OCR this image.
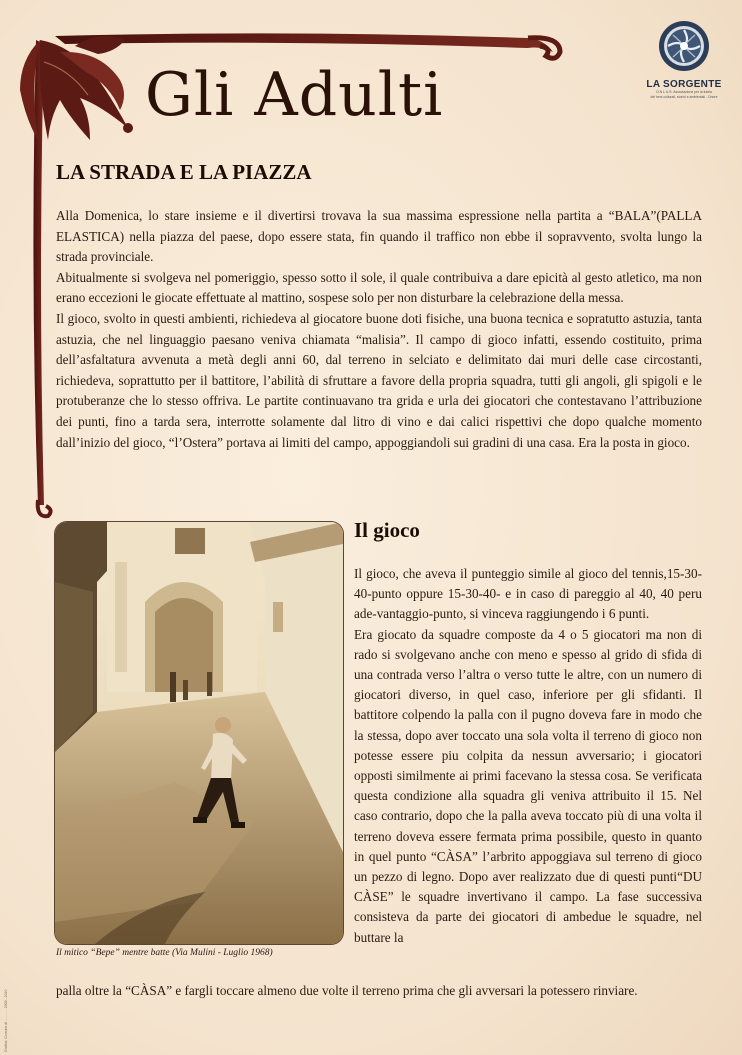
Gli Adulti	LA SORGENTE
O.N.L.U.S. Associazione per la tutela
del beni culturali, storici e ambientali - Onore
LA STRADA E LA PIAZZA

Alla Domenica, lo stare insieme e il divertirsi trovava la sua massima espressione nella partita a “BALA”(PALLA ELASTICA) nella piazza del paese, dopo essere stata, fin quando il traffico non ebbe il sopravvento, svolta lungo la strada provinciale.

Abitualmente si svolgeva nel pomeriggio, spesso sotto il sole, il quale contribuiva a dare epicità al gesto atletico, ma non erano eccezioni le giocate effettuate al mattino, sospese solo per non disturbare la celebrazione della messa.

Il gioco, svolto in questi ambienti, richiedeva al giocatore buone doti fisiche, una buona tecnica e sopratutto astuzia, tanta astuzia, che nel linguaggio paesano veniva chiamata “malisia”. Il campo di gioco infatti, essendo costituito, prima dell’asfaltatura avvenuta a metà degli anni 60, dal terreno in selciato e delimitato dai muri delle case circostanti, richiedeva, soprattutto per il battitore, l’abilità di sfruttare a favore della propria squadra, tutti gli angoli, gli spigoli e le protuberanze che lo stesso offriva. Le partite continuavano tra grida e urla dei giocatori che contestavano l’attribuzione dei punti, fino a tarda sera, interrotte solamente dal litro di vino e dai calici rispettivi che dopo qualche momento dall’inizio del gioco, “l’Ostera” portava ai limiti del campo, appoggiandoli sui gradini di una casa. Era la posta in gioco.

Il mitico “Bepe” mentre batte (Via Mulini - Luglio 1968)
Il gioco

Il gioco, che aveva il punteggio simile al gioco del tennis,15-30-40-punto oppure 15-30-40- e in caso di pareggio al 40, 40 peru ade-vantaggio-punto, si vinceva raggiungendo i 6 punti.

Era giocato da squadre composte da 4 o 5 giocatori ma non di rado si svolgevano anche con meno e spesso al grido di sfida di una contrada verso l’altra o verso tutte le altre, con un numero di giocatori diverso, in quel caso, inferiore per gli sfidanti. Il battitore colpendo la palla con il pugno doveva fare in modo che la stessa, dopo aver toccato una sola volta il terreno di gioco non potesse essere piu colpita da nessun avversario; i giocatori opposti similmente ai primi facevano la stessa cosa. Se verificata questa condizione alla squadra gli veniva attribuito il 15. Nel caso contrario, dopo che la palla aveva toccato più di una volta il terreno doveva essere fermata prima possibile, questo in quanto in quel punto “CÀSA” l’arbrito appoggiava sul terreno di gioco un pezzo di legno. Dopo aver realizzato due di questi punti“DU CÀSE” le squadre invertivano il campo. La fase successiva consisteva da parte dei giocatori di ambedue le squadre, nel buttare la

palla oltre la “CÀSA” e fargli toccare almeno due volte il terreno prima che gli avversari la potessero rinviare.

Grafica: Comune di ............ 2008 - 2010
